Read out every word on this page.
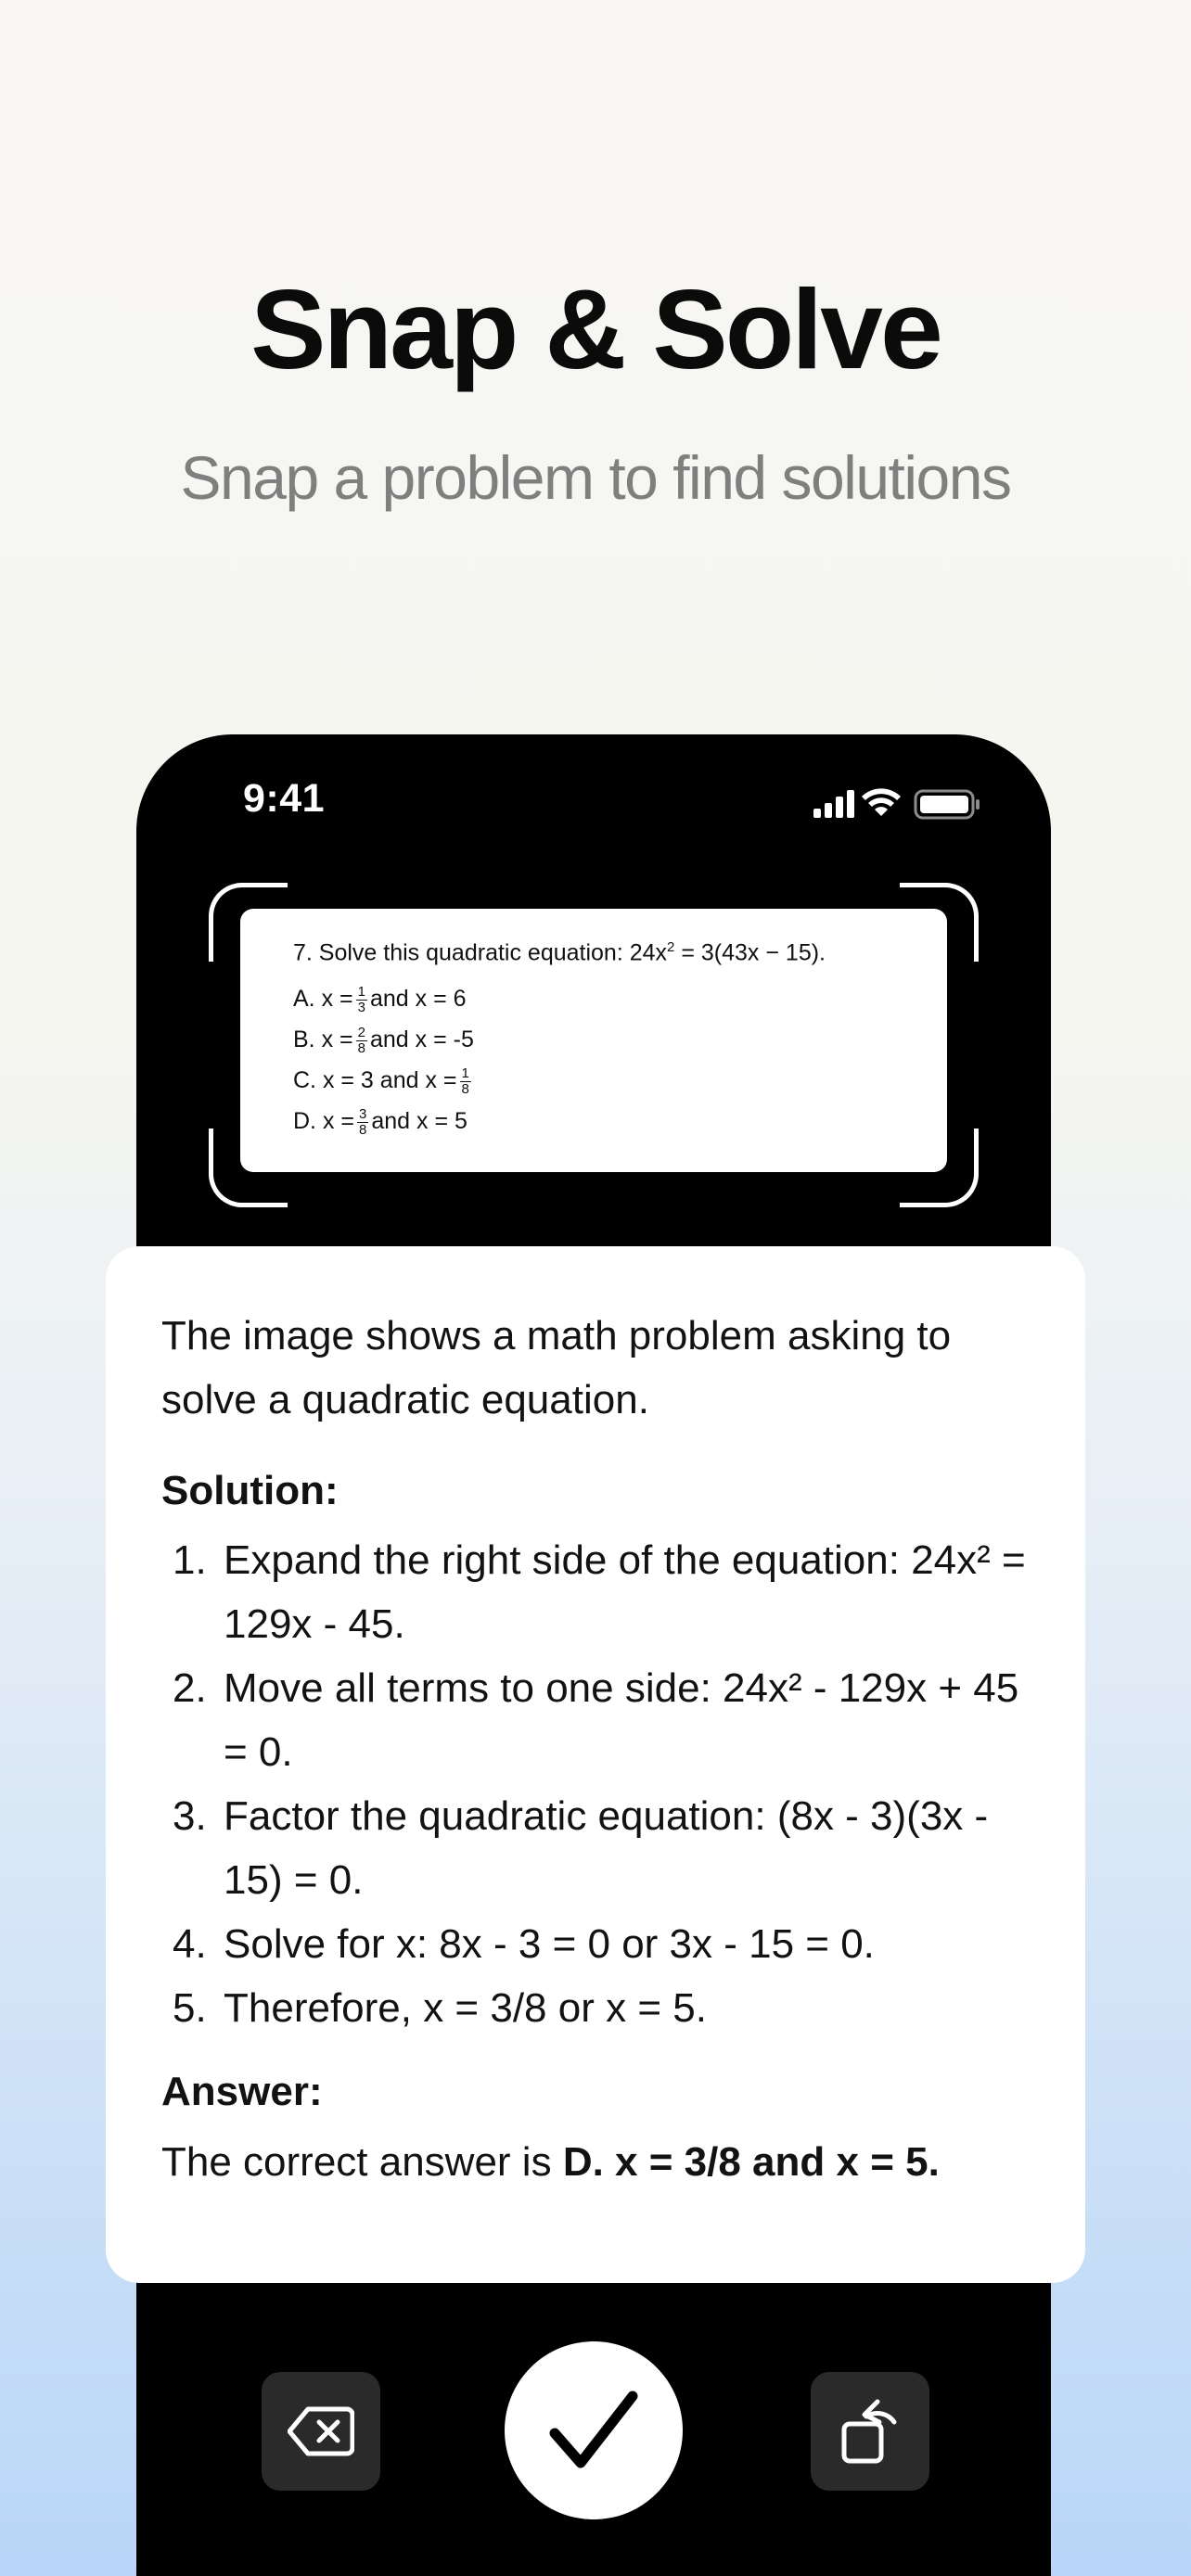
Snap & Solve
Snap a problem to find solutions
9:41
7. Solve this quadratic equation: $24x^2 = 3(43x - 15)$.
A. $x = \frac{1}{3}$ and x = 6
B. $x = \frac{2}{8}$ and x = -5
C. x = 3 and $x = \frac{1}{8}$
D. $x = \frac{3}{8}$ and x = 5

The image shows a math problem asking to solve a quadratic equation.

Solution:
1. Expand the right side of the equation: 24x² = 129x - 45.
2. Move all terms to one side: 24x² - 129x + 45 = 0.
3. Factor the quadratic equation: (8x - 3)(3x - 15) = 0.
4. Solve for x: 8x - 3 = 0 or 3x - 15 = 0.
5. Therefore, x = 3/8 or x = 5.
Answer:
The correct answer is D. x = 3/8 and x = 5.
